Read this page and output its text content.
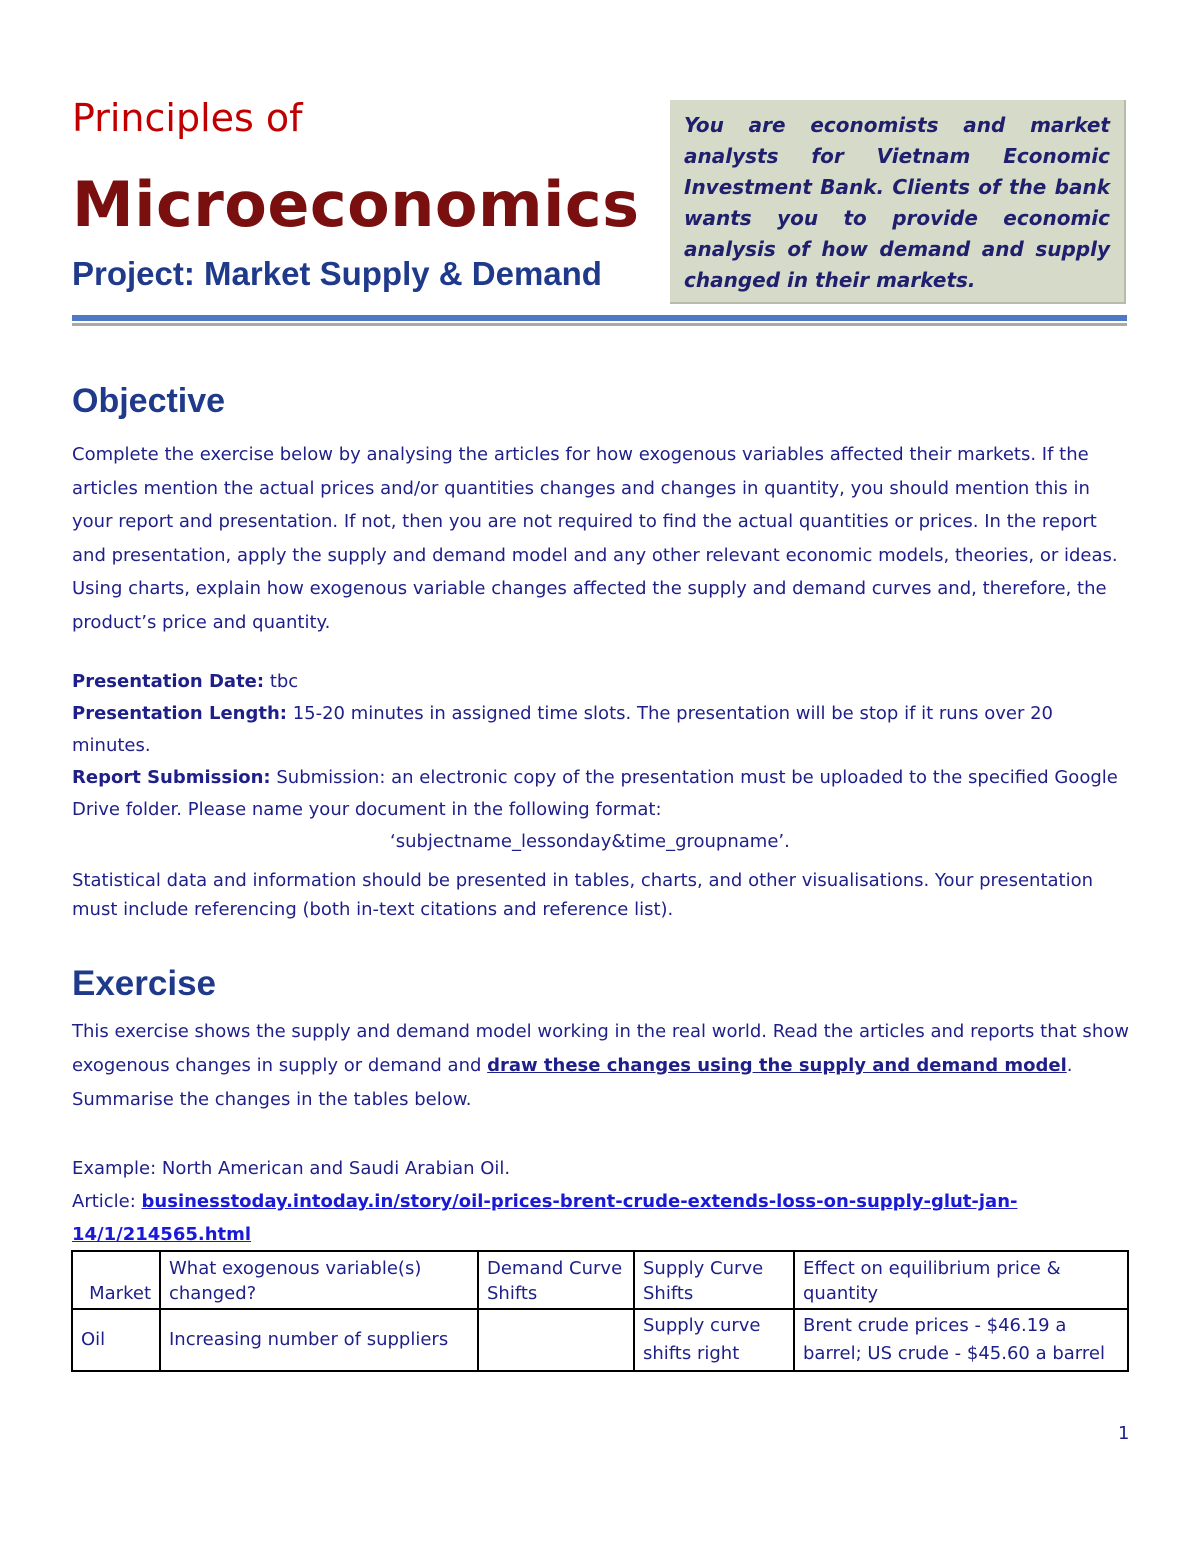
Principles of
Microeconomics
Project: Market Supply & Demand

You are economists and market analysts for Vietnam Economic Investment Bank. Clients of the bank wants you to provide economic analysis of how demand and supply changed in their markets.

Objective

Complete the exercise below by analysing the articles for how exogenous variables affected their markets. If the articles mention the actual prices and/or quantities changes and changes in quantity, you should mention this in your report and presentation. If not, then you are not required to find the actual quantities or prices. In the report and presentation, apply the supply and demand model and any other relevant economic models, theories, or ideas. Using charts, explain how exogenous variable changes affected the supply and demand curves and, therefore, the product’s price and quantity.

Presentation Date: tbc
Presentation Length: 15-20 minutes in assigned time slots. The presentation will be stop if it runs over 20 minutes.
Report Submission: Submission: an electronic copy of the presentation must be uploaded to the specified Google Drive folder. Please name your document in the following format:
‘subjectname_lessonday&time_groupname’.

Statistical data and information should be presented in tables, charts, and other visualisations. Your presentation must include referencing (both in-text citations and reference list).

Exercise

This exercise shows the supply and demand model working in the real world. Read the articles and reports that show exogenous changes in supply or demand and draw these changes using the supply and demand model. Summarise the changes in the tables below.

Example: North American and Saudi Arabian Oil.
Article: businesstoday.intoday.in/story/oil-prices-brent-crude-extends-loss-on-supply-glut-jan-14/1/214565.html
Market	What exogenous variable(s) changed?	Demand Curve Shifts	Supply Curve Shifts	Effect on equilibrium price & quantity
Oil	Increasing number of suppliers		Supply curve shifts right	Brent crude prices - $46.19 a barrel; US crude - $45.60 a barrel
1
